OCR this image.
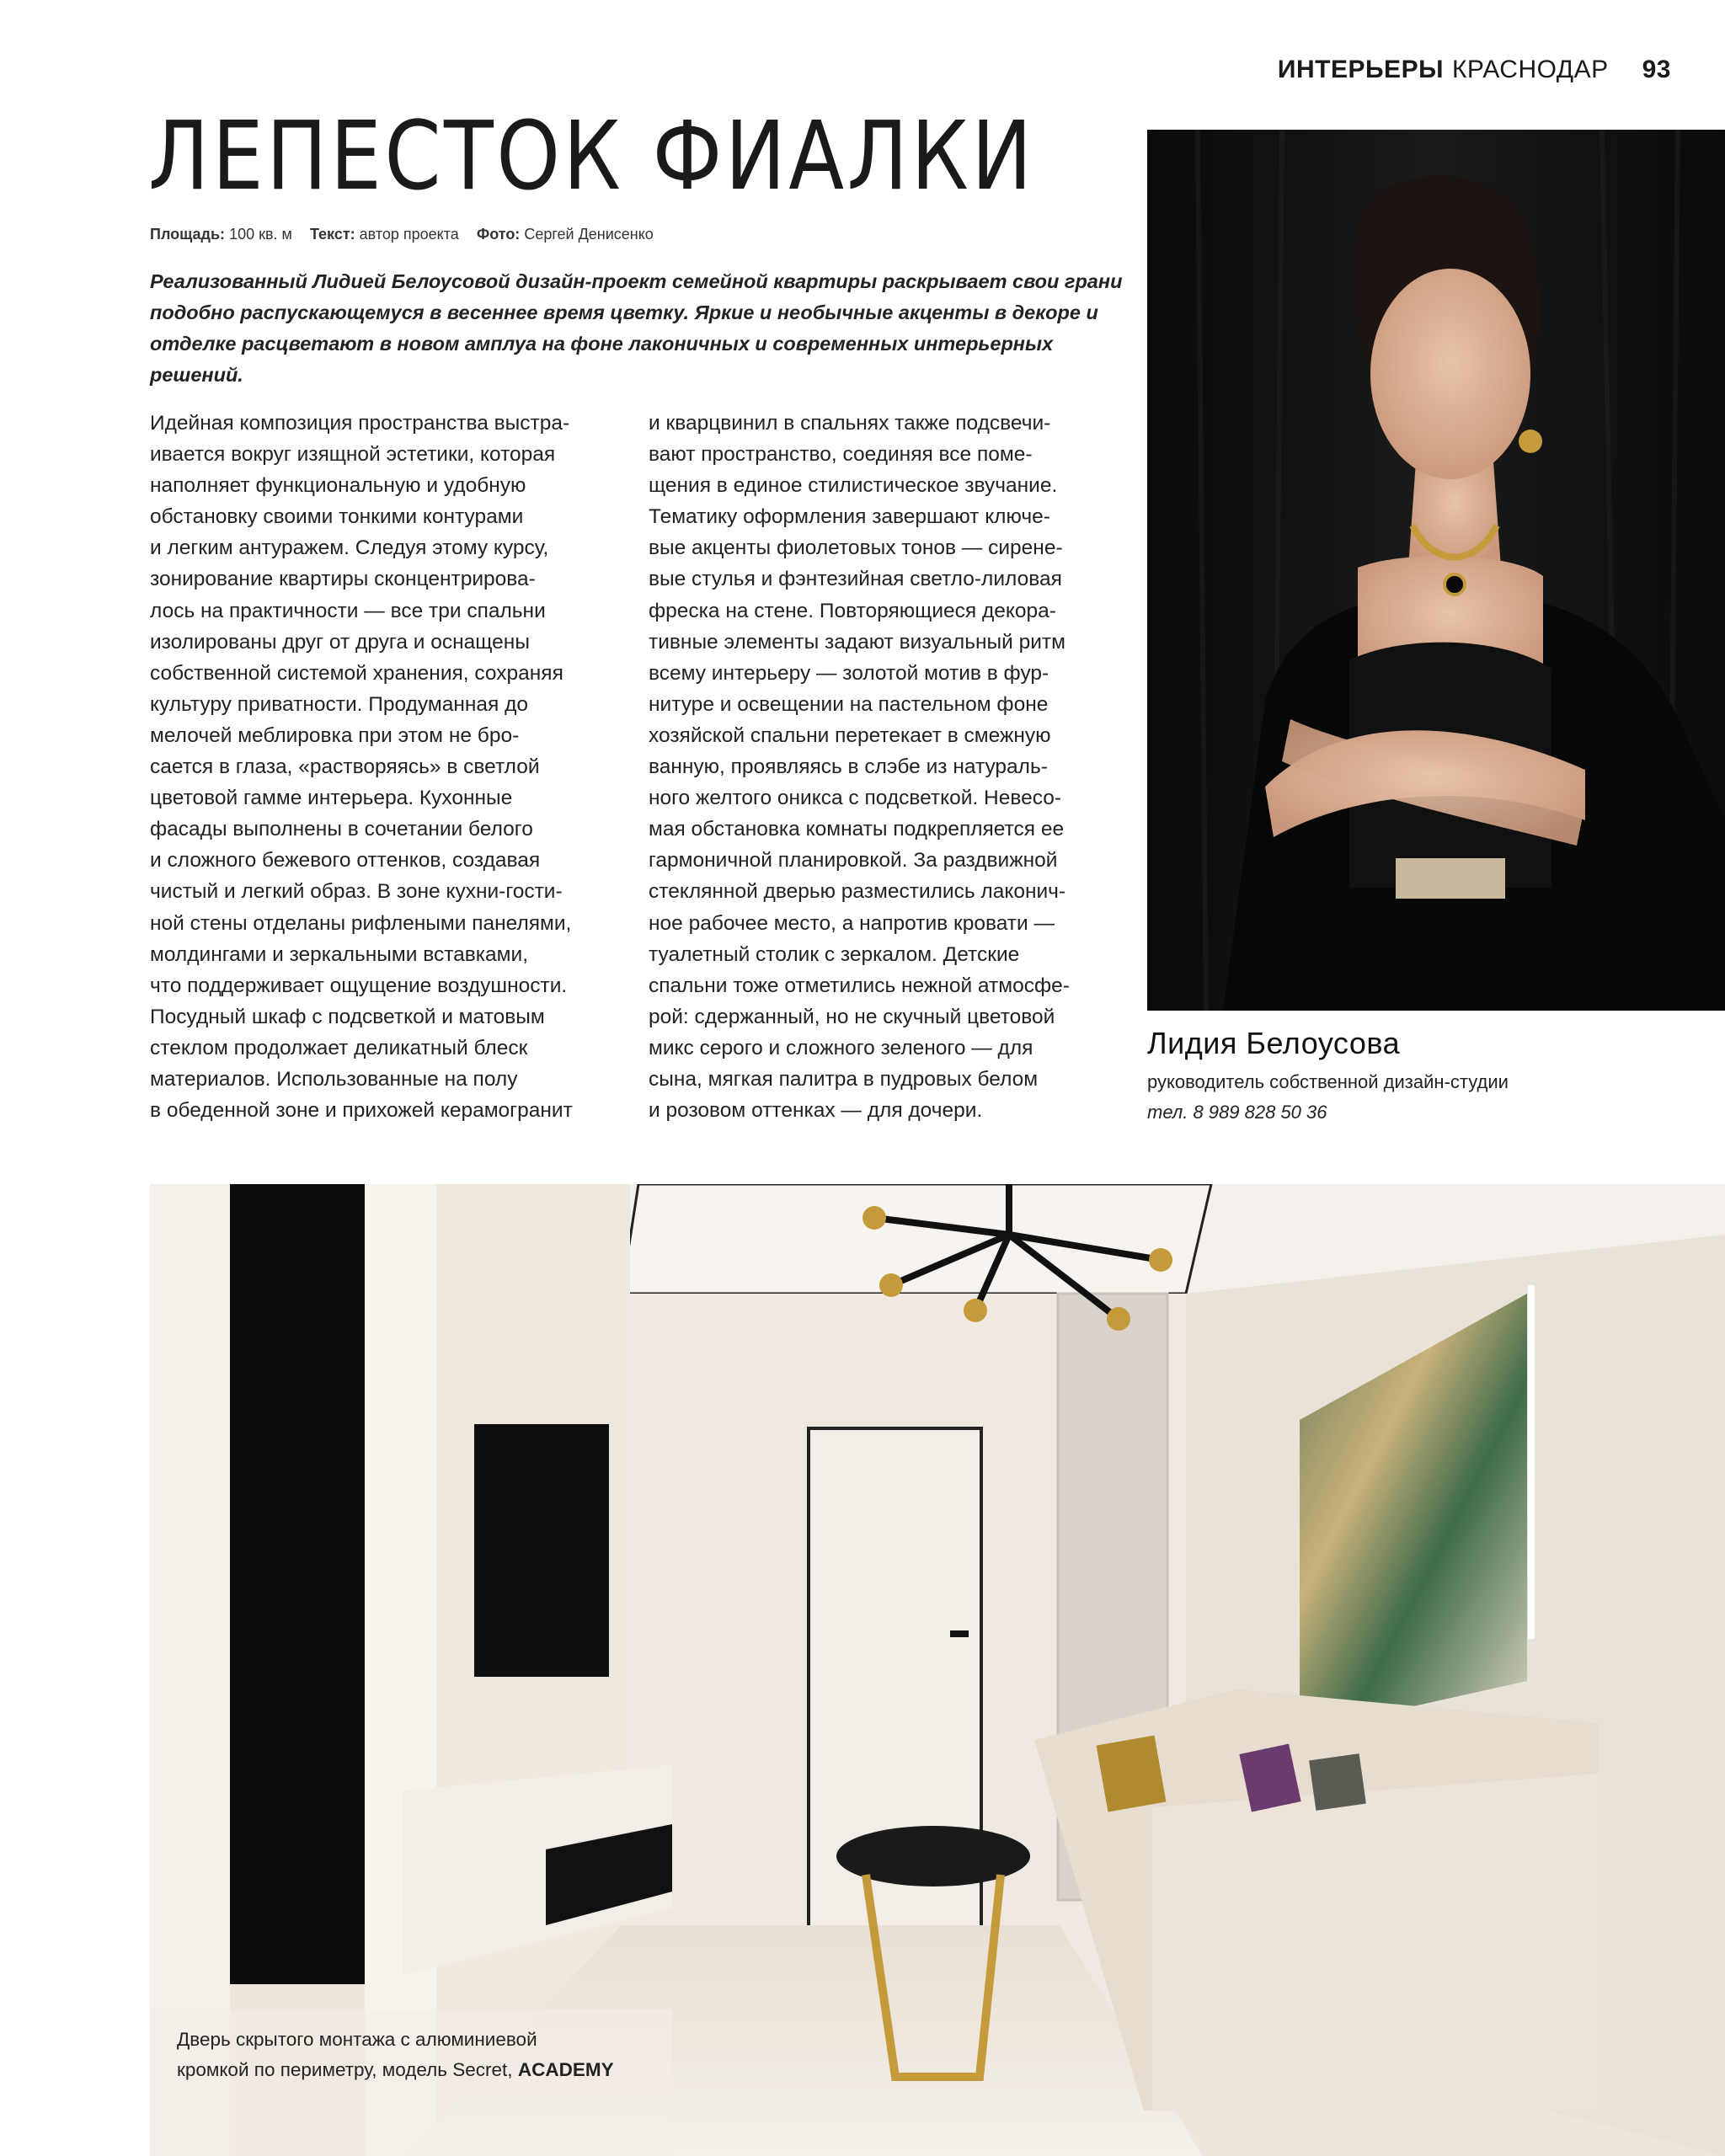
ИНТЕРЬЕРЫ КРАСНОДАР 93
ЛЕПЕСТОК ФИАЛКИ
Площадь: 100 кв. м Текст: автор проекта Фото: Сергей Денисенко
Реализованный Лидией Белоусовой дизайн-проект семейной квартиры раскрывает свои грани подобно распускающемуся в весеннее время цветку. Яркие и необычные акценты в декоре и отделке расцветают в новом амплуа на фоне лаконичных и современных интерьерных решений.
Идейная композиция пространства выстра-
ивается вокруг изящной эстетики, которая
наполняет функциональную и удобную
обстановку своими тонкими контурами
и легким антуражем. Следуя этому курсу,
зонирование квартиры сконцентрирова-
лось на практичности — все три спальни
изолированы друг от друга и оснащены
собственной системой хранения, сохраняя
культуру приватности. Продуманная до
мелочей меблировка при этом не бро-
сается в глаза, «растворяясь» в светлой
цветовой гамме интерьера. Кухонные
фасады выполнены в сочетании белого
и сложного бежевого оттенков, создавая
чистый и легкий образ. В зоне кухни-гости-
ной стены отделаны рифлеными панелями,
молдингами и зеркальными вставками,
что поддерживает ощущение воздушности.
Посудный шкаф с подсветкой и матовым
стеклом продолжает деликатный блеск
материалов. Использованные на полу
в обеденной зоне и прихожей керамогранит
и кварцвинил в спальнях также подсвечи-
вают пространство, соединяя все поме-
щения в единое стилистическое звучание.
Тематику оформления завершают ключе-
вые акценты фиолетовых тонов — сирене-
вые стулья и фэнтезийная светло-лиловая
фреска на стене. Повторяющиеся декора-
тивные элементы задают визуальный ритм
всему интерьеру — золотой мотив в фур-
нитуре и освещении на пастельном фоне
хозяйской спальни перетекает в смежную
ванную, проявляясь в слэбе из натураль-
ного желтого оникса с подсветкой. Невесо-
мая обстановка комнаты подкрепляется ее
гармоничной планировкой. За раздвижной
стеклянной дверью разместились лаконич-
ное рабочее место, а напротив кровати —
туалетный столик с зеркалом. Детские
спальни тоже отметились нежной атмосфе-
рой: сдержанный, но не скучный цветовой
микс серого и сложного зеленого — для
сына, мягкая палитра в пудровых белом
и розовом оттенках — для дочери.
Лидия Белоусова
руководитель собственной дизайн-студии
тел. 8 989 828 50 36
Дверь скрытого монтажа с алюминиевой
кромкой по периметру, модель Secret, ACADEMY
